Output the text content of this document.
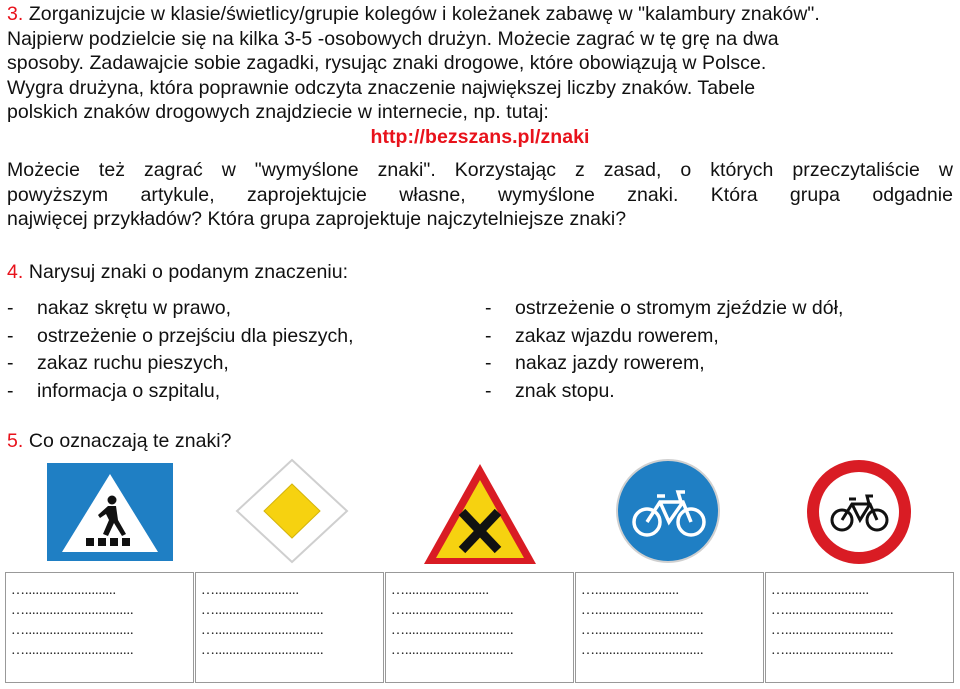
3. Zorganizujcie w klasie/świetlicy/grupie kolegów i koleżanek zabawę w "kalambury znaków".
Najpierw podzielcie się na kilka 3-5 -osobowych drużyn. Możecie zagrać w tę grę na dwa
sposoby. Zadawajcie sobie zagadki, rysując znaki drogowe, które obowiązują w Polsce.
Wygra drużyna, która poprawnie odczyta znaczenie największej liczby znaków. Tabele
polskich znaków drogowych znajdziecie w internecie, np. tutaj:
http://bezszans.pl/znaki
Możecie też zagrać w "wymyślone znaki". Korzystając z zasad, o których przeczytaliście w
powyższym artykule, zaprojektujcie własne, wymyślone znaki. Która grupa odgadnie
najwięcej przykładów? Która grupa zaprojektuje najczytelniejsze znaki?
4. Narysuj znaki o podanym znaczeniu:
- nakaz skrętu w prawo,
- ostrzeżenie o przejściu dla pieszych,
- zakaz ruchu pieszych,
- informacja o szpitalu,
- ostrzeżenie o stromym zjeździe w dół,
- zakaz wjazdu rowerem,
- nakaz jazdy rowerem,
- znak stopu.
5. Co oznaczają te znaki?
…..........................
…...............................
…...............................
…...............................
…........................
…...............................
…...............................
…...............................
…........................
…...............................
…...............................
…...............................
…........................
…...............................
…...............................
…...............................
…........................
…...............................
…...............................
…...............................
